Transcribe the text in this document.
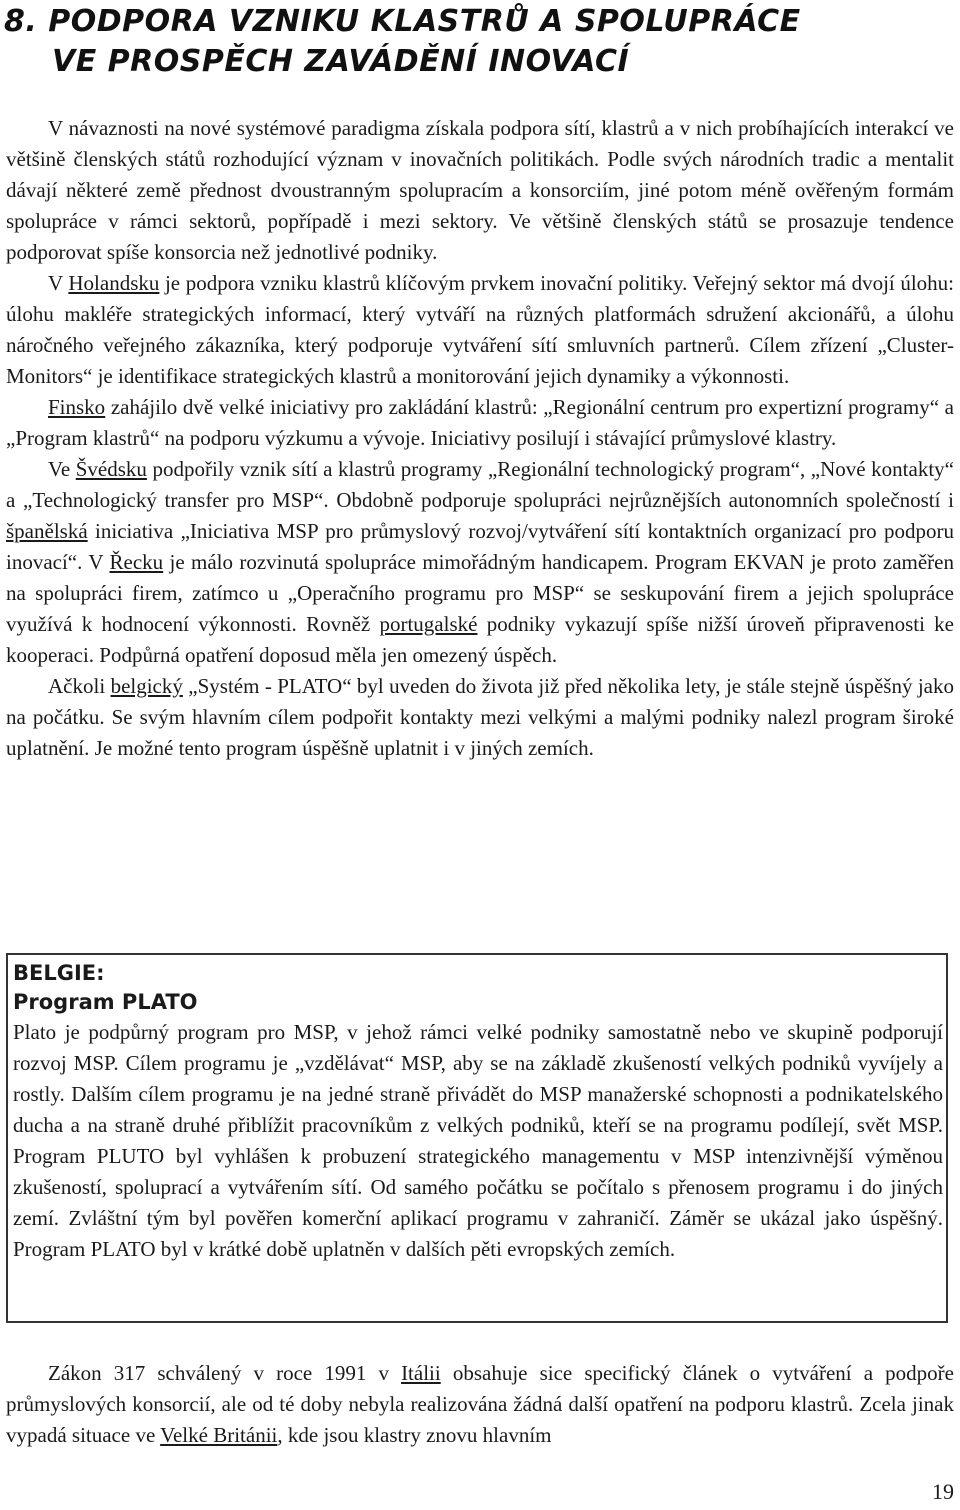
8. PODPORA VZNIKU KLASTRŮ A SPOLUPRÁCE
VE PROSPĚCH ZAVÁDĚNÍ INOVACÍ

V návaznosti na nové systémové paradigma získala podpora sítí, klastrů a v nich probíhajících interakcí ve většině členských států rozhodující význam v inovačních politikách. Podle svých národních tradic a mentalit dávají některé země přednost dvoustranným spolupracím a konsorciím, jiné potom méně ověřeným formám spolupráce v rámci sektorů, popřípadě i mezi sektory. Ve většině členských států se prosazuje tendence podporovat spíše konsorcia než jednotlivé podniky.

V Holandsku je podpora vzniku klastrů klíčovým prvkem inovační politiky. Veřejný sektor má dvojí úlohu: úlohu makléře strategických informací, který vytváří na různých platformách sdružení akcionářů, a úlohu náročného veřejného zákazníka, který podporuje vytváření sítí smluvních partnerů. Cílem zřízení „Cluster-Monitors“ je identifikace strategických klastrů a monitorování jejich dynamiky a výkonnosti.

Finsko zahájilo dvě velké iniciativy pro zakládání klastrů: „Regionální centrum pro expertizní programy“ a „Program klastrů“ na podporu výzkumu a vývoje. Iniciativy posilují i stávající průmyslové klastry.

Ve Švédsku podpořily vznik sítí a klastrů programy „Regionální technologický program“, „Nové kontakty“ a „Technologický transfer pro MSP“. Obdobně podporuje spolupráci nejrůznějších autonomních společností i španělská iniciativa „Iniciativa MSP pro průmyslový rozvoj/vytváření sítí kontaktních organizací pro podporu inovací“. V Řecku je málo rozvinutá spolupráce mimořádným handicapem. Program EKVAN je proto zaměřen na spolupráci firem, zatímco u „Operačního programu pro MSP“ se seskupování firem a jejich spolupráce využívá k hodnocení výkonnosti. Rovněž portugalské podniky vykazují spíše nižší úroveň připravenosti ke kooperaci. Podpůrná opatření doposud měla jen omezený úspěch.

Ačkoli belgický „Systém - PLATO“ byl uveden do života již před několika lety, je stále stejně úspěšný jako na počátku. Se svým hlavním cílem podpořit kontakty mezi velkými a malými podniky nalezl program široké uplatnění. Je možné tento program úspěšně uplatnit i v jiných zemích.

BELGIE:
Program PLATO

Plato je podpůrný program pro MSP, v jehož rámci velké podniky samostatně nebo ve skupině podporují rozvoj MSP. Cílem programu je „vzdělávat“ MSP, aby se na základě zkušeností velkých podniků vyvíjely a rostly. Dalším cílem programu je na jedné straně přivádět do MSP manažerské schopnosti a podnikatelského ducha a na straně druhé přiblížit pracovníkům z velkých podniků, kteří se na programu podílejí, svět MSP. Program PLUTO byl vyhlášen k probuzení strategického managementu v MSP intenzivnější výměnou zkušeností, spoluprací a vytvářením sítí. Od samého počátku se počítalo s přenosem programu i do jiných zemí. Zvláštní tým byl pověřen komerční aplikací programu v zahraničí. Záměr se ukázal jako úspěšný. Program PLATO byl v krátké době uplatněn v dalších pěti evropských zemích.

Zákon 317 schválený v roce 1991 v Itálii obsahuje sice specifický článek o vytváření a podpoře průmyslových konsorcií, ale od té doby nebyla realizována žádná další opatření na podporu klastrů. Zcela jinak vypadá situace ve Velké Británii, kde jsou klastry znovu hlavním

19
